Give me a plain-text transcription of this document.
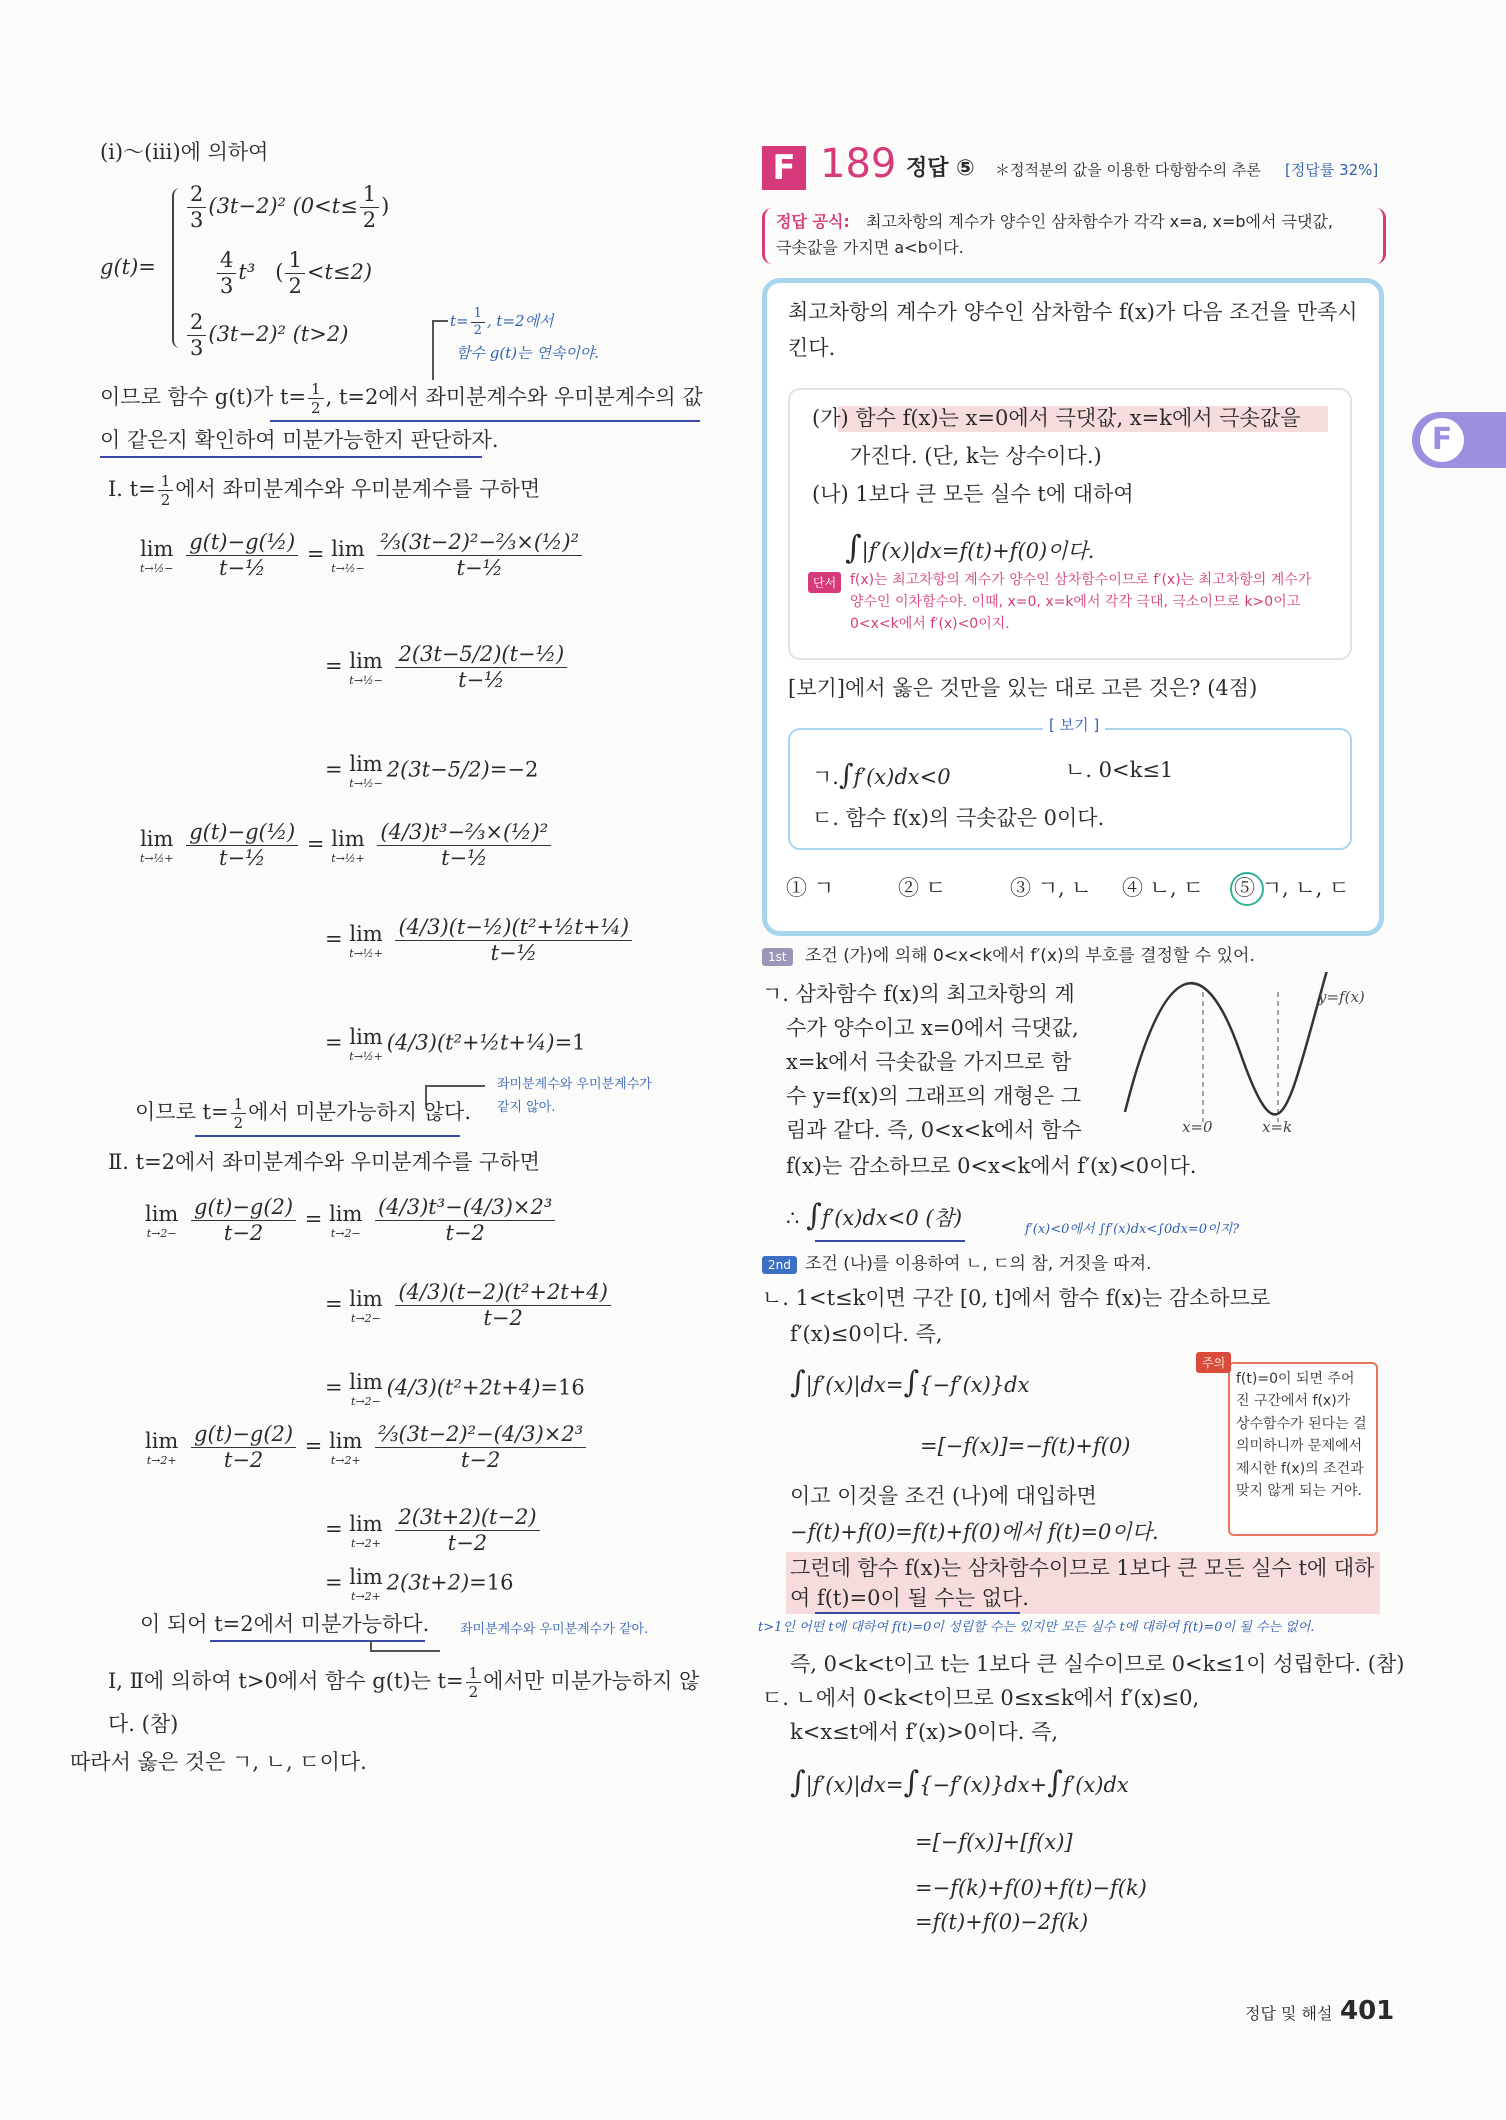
(ⅰ)～(ⅲ)에 의하여
g(t)=
$\frac{2}{3} (3t-2)^2$ ($0<t\le \frac{1}{2}$ )
$\frac{4}{3} t^3$ ( $\frac{1}{2} <t\le 2$)
$\frac{2}{3} (3t-2)^2$ (t>2)
$t= \frac{1}{2}$ , t=2에서
함수 g(t)는 연속이야.
이므로 함수 g(t)가 $t= \frac{1}{2}$ , t=2에서 좌미분계수와 우미분계수의 값
이 같은지 확인하여 미분가능한지 판단하자.
Ⅰ. $t= \frac{1}{2}$ 에서 좌미분계수와 우미분계수를 구하면
lim
t→½−
$\frac{\text{g(t)−g(½)}}{\text{t−½}} = \lim$
t→½−
$\frac{\text{⅔(3t−2)²−⅔×(½)²}}{\text{t−½}}$
= lim
t→½−
$\frac{\text{2(3t−5/2)(t−½)}}{\text{t−½}}$
= lim
t→½−
2(3t−5/2)=−2
lim
t→½+
$\frac{\text{g(t)−g(½)}}{\text{t−½}} = \lim$
t→½+
$\frac{\text{(4/3)t³−⅔×(½)²}}{\text{t−½}}$
= lim
t→½+
$\frac{\text{(4/3)(t−½)(t²+½t+¼)}}{\text{t−½}}$
= lim
t→½+
(4/3)(t²+½t+¼)=1
좌미분계수와 우미분계수가
같지 않아.
이므로 $t= \frac{1}{2}$ 에서 미분가능하지 않다.
Ⅱ. t=2에서 좌미분계수와 우미분계수를 구하면
lim
t→2−
$\frac{g(t)-g(2)}{t-2} = \lim$
t→2−
$\frac{\text{(4/3)t³−(4/3)×2³}}{t-2}$
= lim
t→2−
$\frac{\text{(4/3)(t−2)(t²+2t+4)}}{t-2}$
= lim
t→2−
(4/3)(t²+2t+4)=16
lim
t→2+
$\frac{g(t)-g(2)}{t-2} = \lim$
t→2+
$\frac{\text{⅔(3t−2)²−(4/3)×2³}}{t-2}$
= lim
t→2+
$\frac{2(3t+2)(t-2)}{t-2}$
= lim
t→2+
2(3t+2)=16
이 되어 t=2에서 미분가능하다. 좌미분계수와 우미분계수가 같아.
Ⅰ, Ⅱ에 의하여 t>0에서 함수 g(t)는 $t= \frac{1}{2}$ 에서만 미분가능하지 않
다. (참)
따라서 옳은 것은 ㄱ, ㄴ, ㄷ이다.
F 189 정답 ⑤ ＊정적분의 값을 이용한 다항함수의 추론 [정답률 32%]
정답 공식: 최고차항의 계수가 양수인 삼차함수가 각각 x=a, x=b에서 극댓값,
극솟값을 가지면 a<b이다.
최고차항의 계수가 양수인 삼차함수 f(x)가 다음 조건을 만족시
킨다.
(가) 함수 f(x)는 x=0에서 극댓값, x=k에서 극솟값을
가진다. (단, k는 상수이다.)
(나) 1보다 큰 모든 실수 t에 대하여
∫|f′(x)|dx=f(t)+f(0)이다.
단서 f(x)는 최고차항의 계수가 양수인 삼차함수이므로 f′(x)는 최고차항의 계수가
양수인 이차함수야. 이때, x=0, x=k에서 각각 극대, 극소이므로 k>0이고
0<x<k에서 f′(x)<0이지.
[보기]에서 옳은 것만을 있는 대로 고른 것은? (4점)
[ 보기 ]
ㄱ.∫f′(x)dx<0	ㄴ. 0<k≤1
ㄷ. 함수 f(x)의 극솟값은 0이다.
① ㄱ	② ㄷ	③ ㄱ, ㄴ ④ ㄴ, ㄷ ⑤ ㄱ, ㄴ, ㄷ
1st	조건 (가)에 의해 0<x<k에서 f′(x)의 부호를 결정할 수 있어.
ㄱ. 삼차함수 f(x)의 최고차항의 계
수가 양수이고 x=0에서 극댓값,
x=k에서 극솟값을 가지므로 함
수 y=f(x)의 그래프의 개형은 그
림과 같다. 즉, 0<x<k에서 함수
f(x)는 감소하므로 0<x<k에서 f′(x)<0이다.
y=f(x)
x=0	x=k
∴ ∫f′(x)dx<0 (참)	f′(x)<0에서 ∫f′(x)dx<∫0dx=0이지?
2nd 조건 (나)를 이용하여 ㄴ, ㄷ의 참, 거짓을 따져.
ㄴ. 1<t≤k이면 구간 [0, t]에서 함수 f(x)는 감소하므로
f′(x)≤0이다. 즉,
∫|f′(x)|dx=∫{−f′(x)}dx
=[−f(x)]=−f(t)+f(0)
이고 이것을 조건 (나)에 대입하면
−f(t)+f(0)=f(t)+f(0)에서 f(t)=0이다.
그런데 함수 f(x)는 삼차함수이므로 1보다 큰 모든 실수 t에 대하
여 f(t)=0이 될 수는 없다.
t>1인 어떤 t에 대하여 f(t)=0이 성립할 수는 있지만 모든 실수 t에 대하여 f(t)=0이 될 수는 없어.
즉, 0<k<t이고 t는 1보다 큰 실수이므로 0<k≤1이 성립한다. (참)
주의
f(t)=0이 되면 주어진 구간에서 f(x)가 상수함수가 된다는 걸 의미하니까 문제에서 제시한 f(x)의 조건과 맞지 않게 되는 거야.
ㄷ. ㄴ에서 0<k<t이므로 0≤x≤k에서 f′(x)≤0,
k<x≤t에서 f′(x)>0이다. 즉,
∫|f′(x)|dx=∫{−f′(x)}dx+∫f′(x)dx
=[−f(x)]+[f(x)]
=−f(k)+f(0)+f(t)−f(k)
=f(t)+f(0)−2f(k)
F
정답 및 해설 401
